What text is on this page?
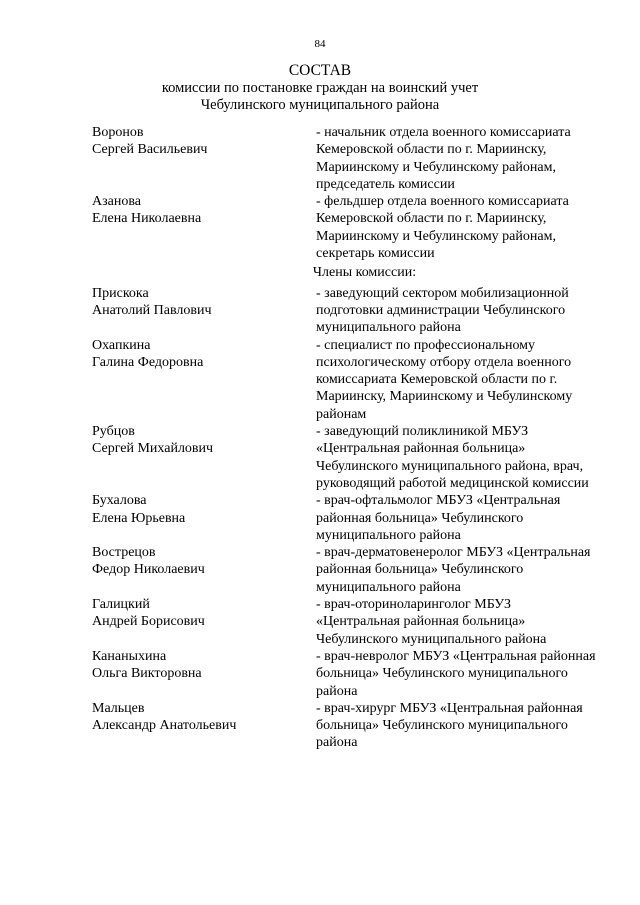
84
СОСТАВ
комиссии по постановке граждан на воинский учет
Чебулинского муниципального района
Воронов
Сергей Васильевич
- начальник отдела военного комиссариата Кемеровской области по г. Мариинску, Мариинскому и Чебулинскому районам, председатель комиссии
Азанова
Елена Николаевна
- фельдшер отдела военного комиссариата Кемеровской области по г. Мариинску, Мариинскому и Чебулинскому районам, секретарь комиссии
Члены комиссии:
Прискока
Анатолий Павлович
- заведующий сектором мобилизационной подготовки администрации Чебулинского муниципального района
Охапкина
Галина Федоровна
- специалист по профессиональному психологическому отбору отдела военного комиссариата Кемеровской области по г. Мариинску, Мариинскому и Чебулинскому районам
Рубцов
Сергей Михайлович
- заведующий поликлиникой МБУЗ «Центральная районная больница» Чебулинского муниципального района, врач, руководящий работой медицинской комиссии
Бухалова
Елена Юрьевна
- врач-офтальмолог МБУЗ «Центральная районная больница» Чебулинского муниципального района
Вострецов
Федор Николаевич
- врач-дерматовенеролог МБУЗ «Центральная районная больница» Чебулинского муниципального района
Галицкий
Андрей Борисович
- врач-оториноларинголог МБУЗ «Центральная районная больница» Чебулинского муниципального района
Кананыхина
Ольга Викторовна
- врач-невролог МБУЗ «Центральная районная больница» Чебулинского муниципального района
Мальцев
Александр Анатольевич
- врач-хирург МБУЗ «Центральная районная больница» Чебулинского муниципального района
